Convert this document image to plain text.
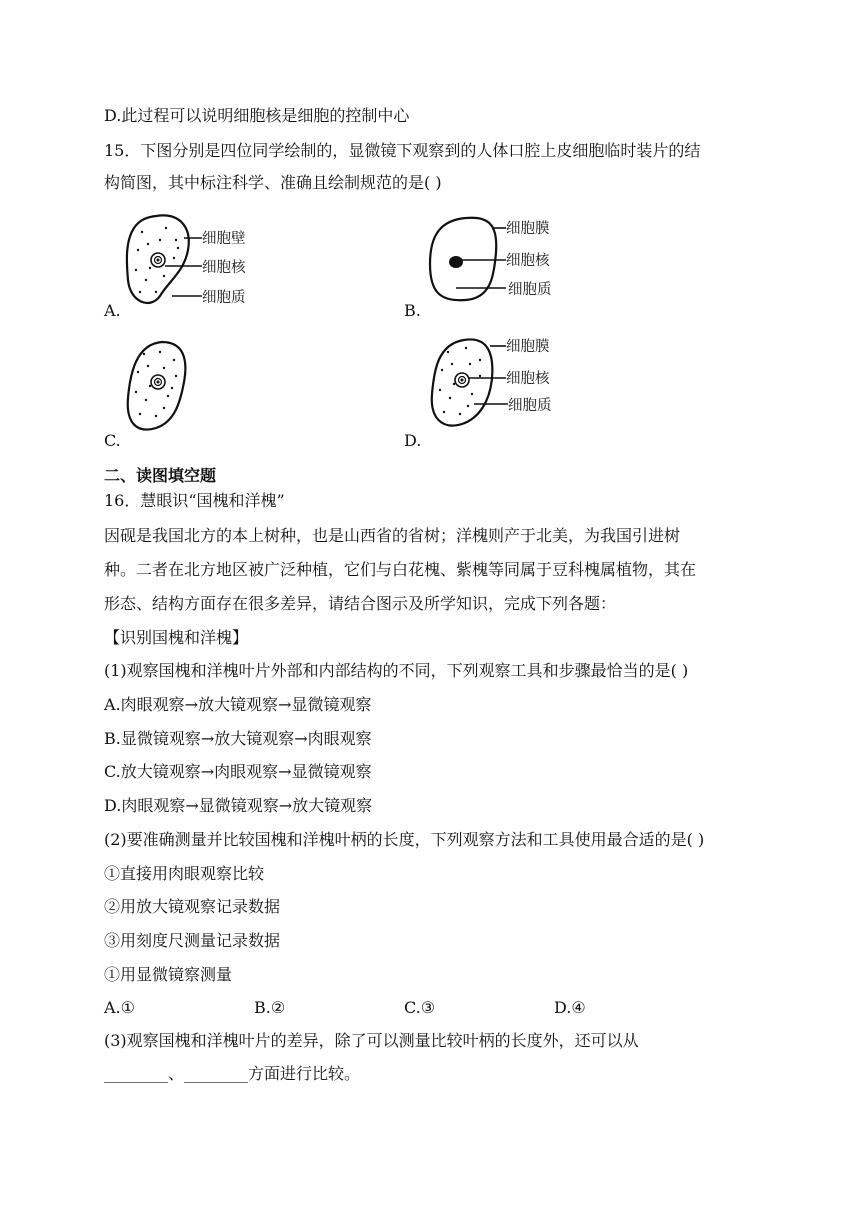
D.此过程可以说明细胞核是细胞的控制中心
15．下图分别是四位同学绘制的，显微镜下观察到的人体口腔上皮细胞临时装片的结
构简图，其中标注科学、准确且绘制规范的是( )
细胞壁
细胞核
细胞质
A.
细胞膜
细胞核
细胞质
B.
C.
细胞膜
细胞核
细胞质
D.
二、读图填空题
16．慧眼识“国槐和洋槐”
因砚是我国北方的本上树种，也是山西省的省树；洋槐则产于北美，为我国引进树
种。二者在北方地区被广泛种植，它们与白花槐、紫槐等同属于豆科槐属植物，其在
形态、结构方面存在很多差异，请结合图示及所学知识，完成下列各题：
【识别国槐和洋槐】
(1)观察国槐和洋槐叶片外部和内部结构的不同，下列观察工具和步骤最恰当的是( )
A.肉眼观察→放大镜观察→显微镜观察
B.显微镜观察→放大镜观察→肉眼观察
C.放大镜观察→肉眼观察→显微镜观察
D.肉眼观察→显微镜观察→放大镜观察
(2)要准确测量并比较国槐和洋槐叶柄的长度，下列观察方法和工具使用最合适的是( )
①直接用肉眼观察比较
②用放大镜观察记录数据
③用刻度尺测量记录数据
①用显微镜察测量
A.①	B.②	C.③	D.④
(3)观察国槐和洋槐叶片的差异，除了可以测量比较叶柄的长度外，还可以从
________、________方面进行比较。
